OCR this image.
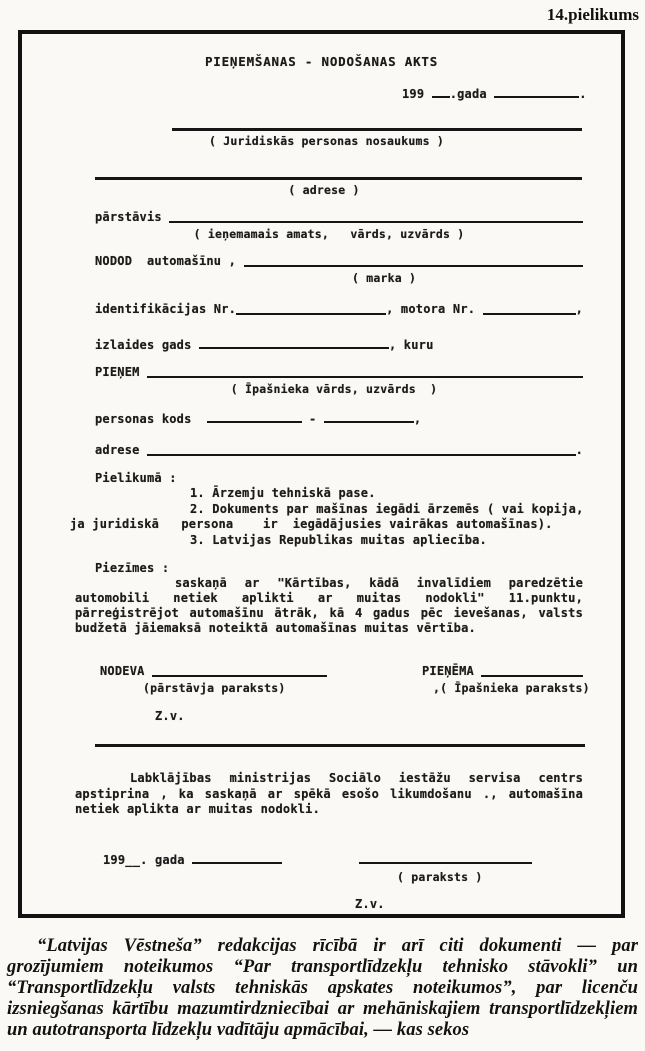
14.pielikums
PIEŅEMŠANAS - NODOŠANAS AKTS
199 .gada	.
( Juridiskās personas nosaukums )
( adrese )
pārstāvis
( ieņemamais amats,   vārds, uzvārds )
NODOD  automašīnu ,
( marka )
identifikācijas Nr.	, motora Nr.	,
izlaides gads	, kuru
PIEŅEM
( Īpašnieka vārds, uzvārds  )
personas kods	-	,
adrese	.
Pielikumā :
1. Ārzemju tehniskā pase.
2. Dokuments par mašīnas iegādi ārzemēs ( vai kopija,
ja juridiskā   persona    ir  iegādājusies vairākas automašīnas).
3. Latvijas Republikas muitas apliecība.
Piezīmes :
saskaņā ar "Kārtības, kādā invalīdiem paredzētie automobili netiek aplikti ar muitas nodokli" 11.punktu, pārreģistrējot automašīnu ātrāk, kā 4 gadus pēc ievešanas, valsts budžetā jāiemaksā noteiktā automašīnas muitas vērtība.
NODEVA	PIEŅĒMA
(pārstāvja paraksts)	,( Īpašnieka paraksts)
Z.v.
Labklājības ministrijas Sociālo iestāžu servisa centrs apstiprina , ka saskaņā ar spēkā esošo likumdošanu ., automašīna netiek aplikta ar muitas nodokli.
199__. gada
( paraksts )
Z.v.
“Latvijas Vēstneša” redakcijas rīcībā ir arī citi dokumenti — par grozījumiem noteikumos “Par transportlīdzekļu tehnisko stāvokli” un “Transportlīdzekļu valsts tehniskās apskates noteikumos”, par licenču izsniegšanas kārtību mazumtirdzniecībai ar mehāniskajiem transportlīdzekļiem un autotransporta līdzekļu vadītāju apmācībai, — kas sekos
